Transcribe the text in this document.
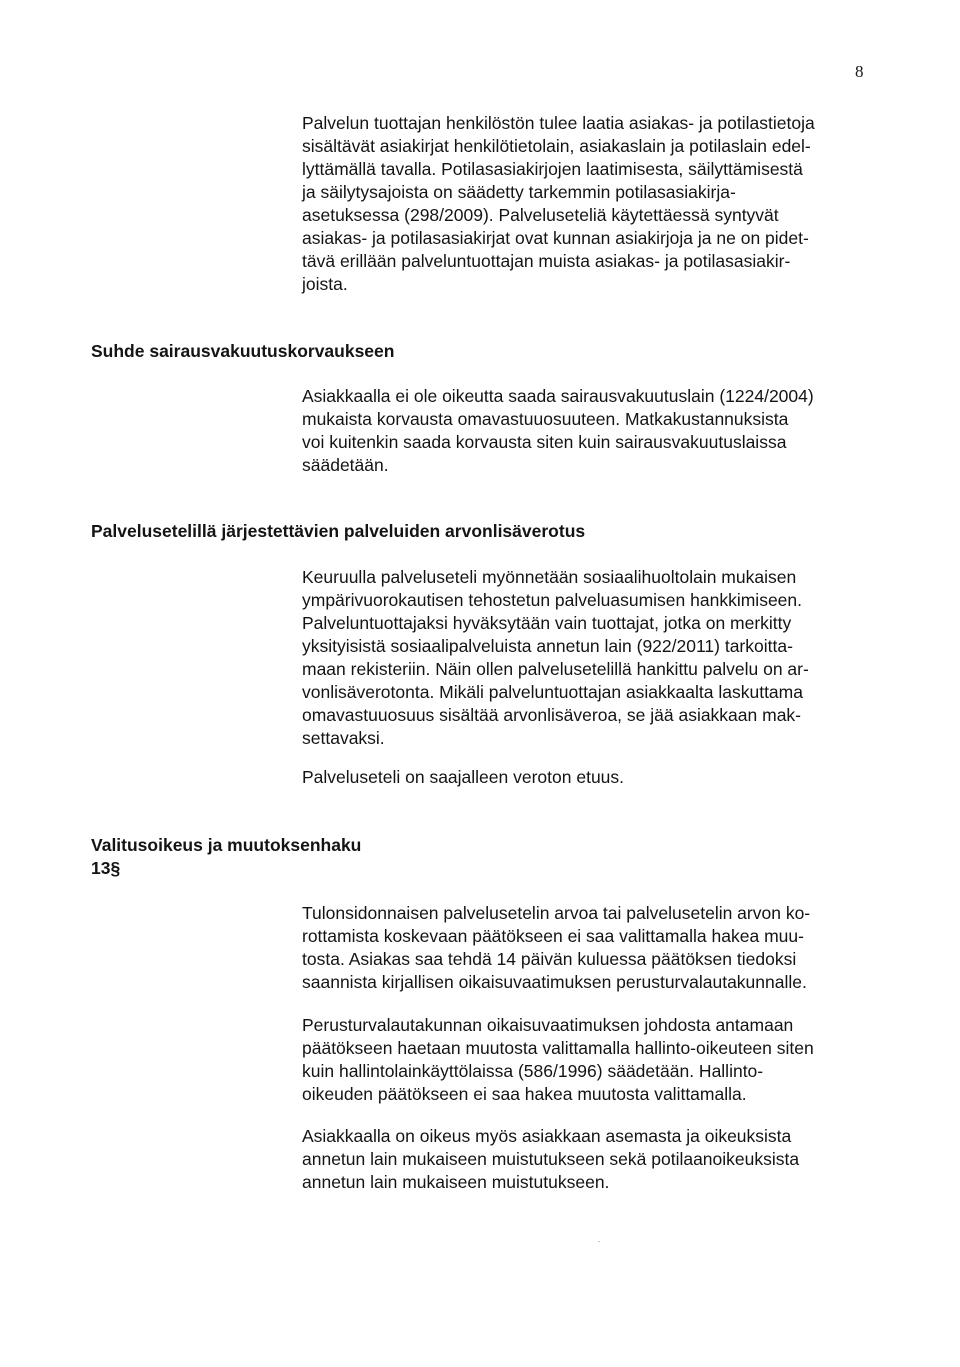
8

Palvelun tuottajan henkilöstön tulee laatia asiakas- ja potilastietoja
sisältävät asiakirjat henkilötietolain, asiakaslain ja potilaslain edel-
lyttämällä tavalla. Potilasasiakirjojen laatimisesta, säilyttämisestä
ja säilytysajoista on säädetty tarkemmin potilasasiakirja-
asetuksessa (298/2009). Palveluseteliä käytettäessä syntyvät
asiakas- ja potilasasiakirjat ovat kunnan asiakirjoja ja ne on pidet-
tävä erillään palveluntuottajan muista asiakas- ja potilasasiakir-
joista.

Suhde sairausvakuutuskorvaukseen

Asiakkaalla ei ole oikeutta saada sairausvakuutuslain (1224/2004)
mukaista korvausta omavastuuosuuteen. Matkakustannuksista
voi kuitenkin saada korvausta siten kuin sairausvakuutuslaissa
säädetään.

Palvelusetelillä järjestettävien palveluiden arvonlisäverotus

Keuruulla palveluseteli myönnetään sosiaalihuoltolain mukaisen
ympärivuorokautisen tehostetun palveluasumisen hankkimiseen.
Palveluntuottajaksi hyväksytään vain tuottajat, jotka on merkitty
yksityisistä sosiaalipalveluista annetun lain (922/2011) tarkoitta-
maan rekisteriin. Näin ollen palvelusetelillä hankittu palvelu on ar-
vonlisäverotonta. Mikäli palveluntuottajan asiakkaalta laskuttama
omavastuuosuus sisältää arvonlisäveroa, se jää asiakkaan mak-
settavaksi.

Palveluseteli on saajalleen veroton etuus.

Valitusoikeus ja muutoksenhaku
13§

Tulonsidonnaisen palvelusetelin arvoa tai palvelusetelin arvon ko-
rottamista koskevaan päätökseen ei saa valittamalla hakea muu-
tosta. Asiakas saa tehdä 14 päivän kuluessa päätöksen tiedoksi
saannista kirjallisen oikaisuvaatimuksen perusturvalautakunnalle.

Perusturvalautakunnan oikaisuvaatimuksen johdosta antamaan
päätökseen haetaan muutosta valittamalla hallinto-oikeuteen siten
kuin hallintolainkäyttölaissa (586/1996) säädetään. Hallinto-
oikeuden päätökseen ei saa hakea muutosta valittamalla.

Asiakkaalla on oikeus myös asiakkaan asemasta ja oikeuksista
annetun lain mukaiseen muistutukseen sekä potilaanoikeuksista
annetun lain mukaiseen muistutukseen.
